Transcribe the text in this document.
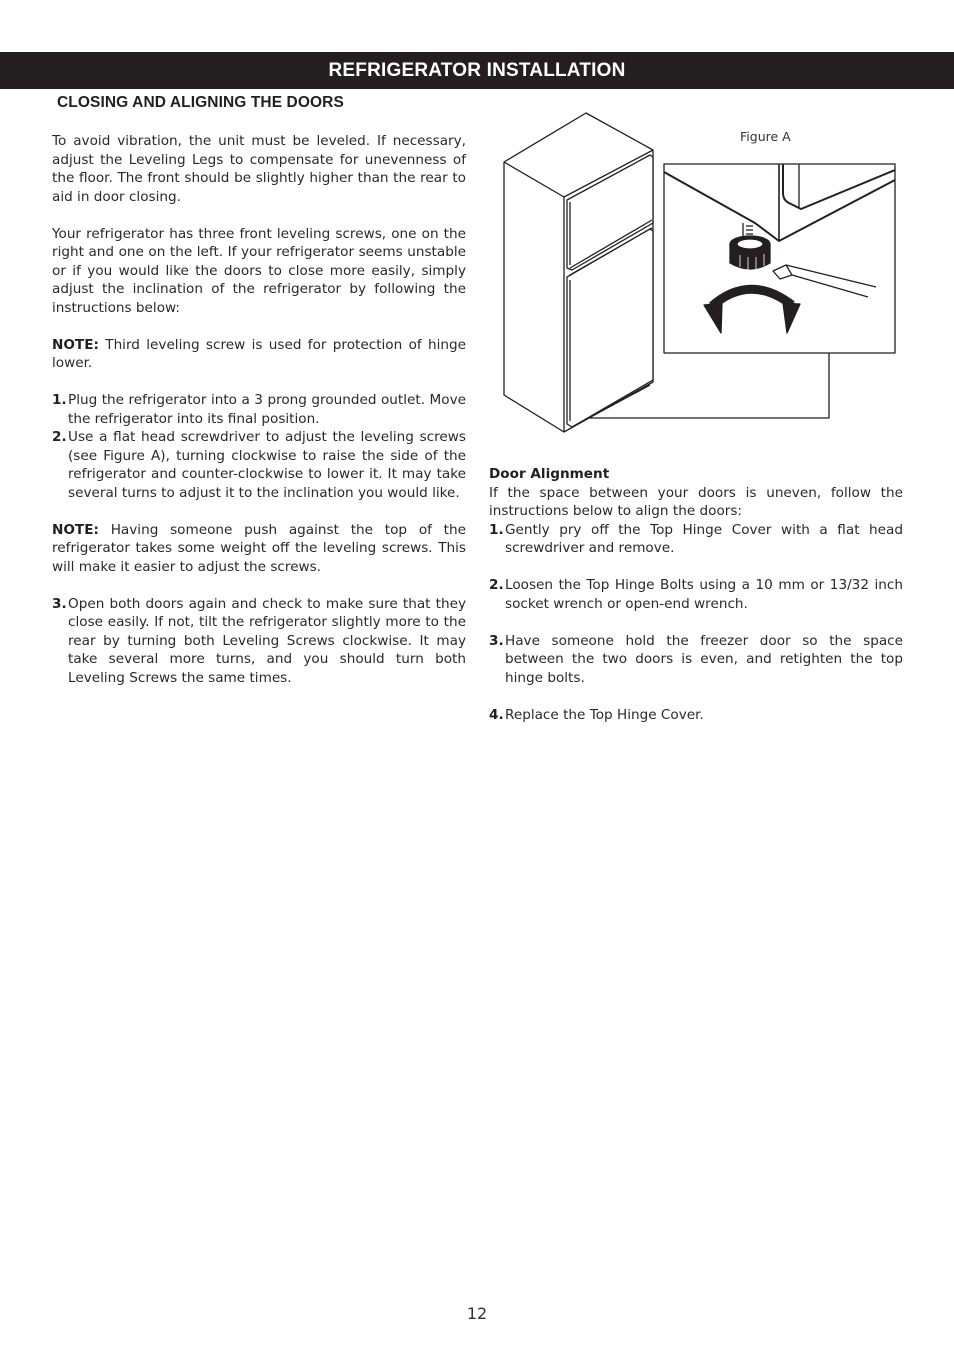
REFRIGERATOR INSTALLATION
CLOSING AND ALIGNING THE DOORS

To avoid vibration, the unit must be leveled. If necessary, adjust the Leveling Legs to compensate for unevenness of the floor. The front should be slightly higher than the rear to aid in door closing.

Your refrigerator has three front leveling screws, one on the right and one on the left. If your refrigerator seems unstable or if you would like the doors to close more easily, simply adjust the inclination of the refrigerator by following the instructions below:

NOTE: Third leveling screw is used for protection of hinge lower.

1. Plug the refrigerator into a 3 prong grounded outlet. Move the refrigerator into its final position.
2. Use a flat head screwdriver to adjust the leveling screws (see Figure A), turning clockwise to raise the side of the refrigerator and counter-clockwise to lower it. It may take several turns to adjust it to the inclination you would like.

NOTE: Having someone push against the top of the refrigerator takes some weight off the leveling screws. This will make it easier to adjust the screws.

3. Open both doors again and check to make sure that they close easily. If not, tilt the refrigerator slightly more to the rear by turning both Leveling Screws clockwise. It may take several more turns, and you should turn both Leveling Screws the same times.
Figure A

Door Alignment

If the space between your doors is uneven, follow the instructions below to align the doors:

1. Gently pry off the Top Hinge Cover with a flat head screwdriver and remove.
2. Loosen the Top Hinge Bolts using a 10 mm or 13/32 inch socket wrench or open-end wrench.
3. Have someone hold the freezer door so the space between the two doors is even, and retighten the top hinge bolts.
4. Replace the Top Hinge Cover.
12
